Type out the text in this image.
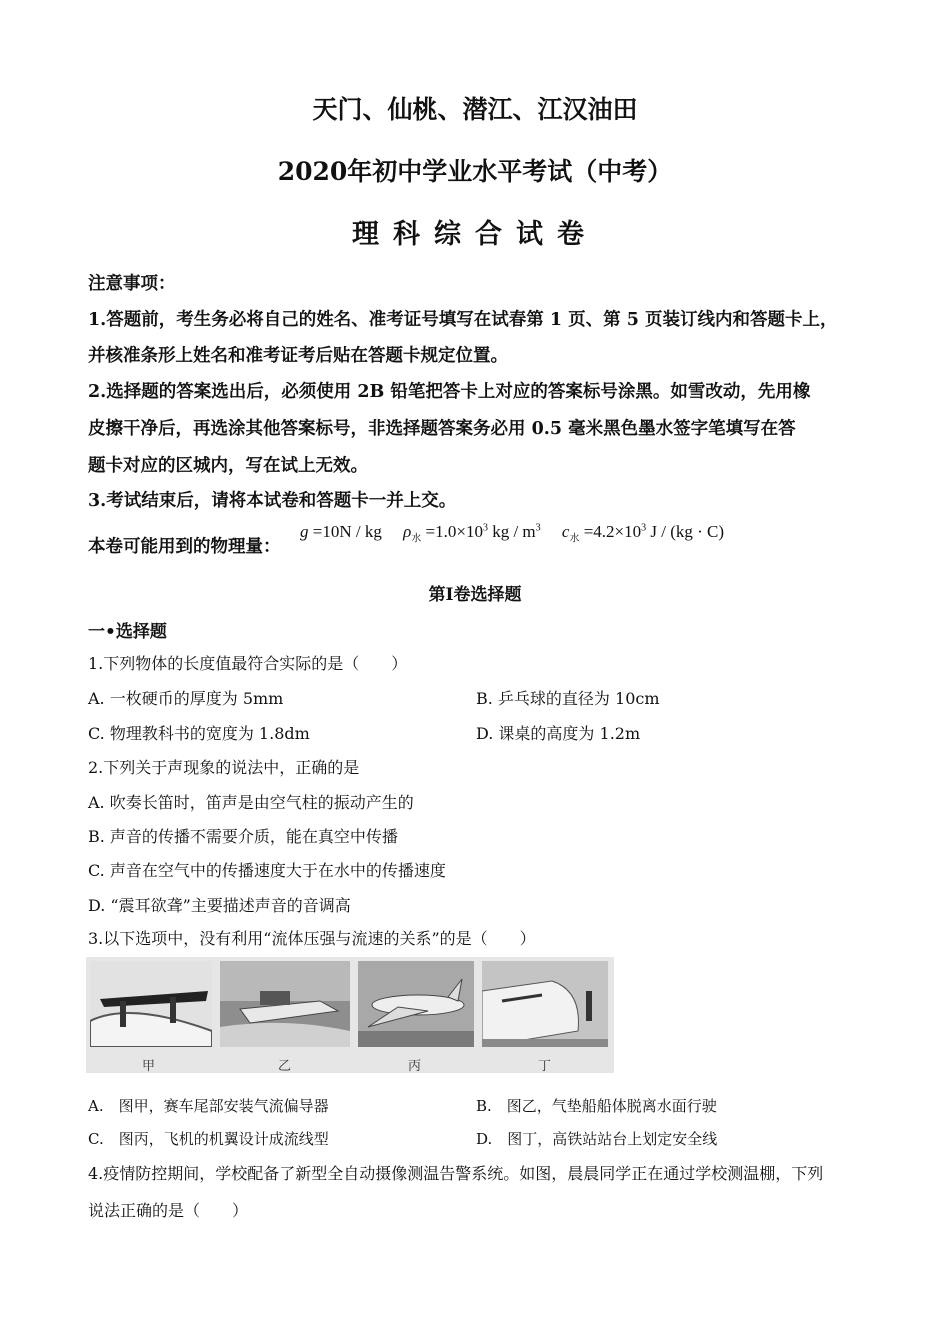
天门、仙桃、潜江、江汉油田
2020年初中学业水平考试（中考）
理科综合试卷
注意事项：
1.答题前，考生务必将自己的姓名、准考证号填写在试春第 1 页、第 5 页装订线内和答题卡上，
并核准条形上姓名和准考证考后贴在答题卡规定位置。
2.选择题的答案选出后，必须使用 2B 铅笔把答卡上对应的答案标号涂黑。如雪改动，先用橡
皮擦干净后，再选涂其他答案标号，非选择题答案务必用 0.5 毫米黑色墨水签字笔填写在答
题卡对应的区城内，写在试上无效。
3.考试结束后，请将本试卷和答题卡一并上交。
本卷可能用到的物理量：
g =10N / kg $\rho_水 =1.0\times 10^3$ kg / $m^3$ $c_水 =4.2\times 10^3$ J / (kg · C)
第Ⅰ卷选择题
一•选择题
1.下列物体的长度值最符合实际的是（　　）
A. 一枚硬币的厚度为 5mm	B. 乒乓球的直径为 10cm
C. 物理教科书的宽度为 1.8dm	D. 课桌的高度为 1.2m
2.下列关于声现象的说法中，正确的是
A. 吹奏长笛时，笛声是由空气柱的振动产生的
B. 声音的传播不需要介质，能在真空中传播
C. 声音在空气中的传播速度大于在水中的传播速度
D. “震耳欲聋”主要描述声音的音调高
3.以下选项中，没有利用“流体压强与流速的关系”的是（　　）
甲	乙	丙	丁
A.　图甲，赛车尾部安装气流偏导器	B.　图乙，气垫船船体脱离水面行驶
C.　图丙，飞机的机翼设计成流线型	D.　图丁，高铁站站台上划定安全线
4.疫情防控期间，学校配备了新型全自动摄像测温告警系统。如图，晨晨同学正在通过学校测温棚，下列
说法正确的是（　　）
